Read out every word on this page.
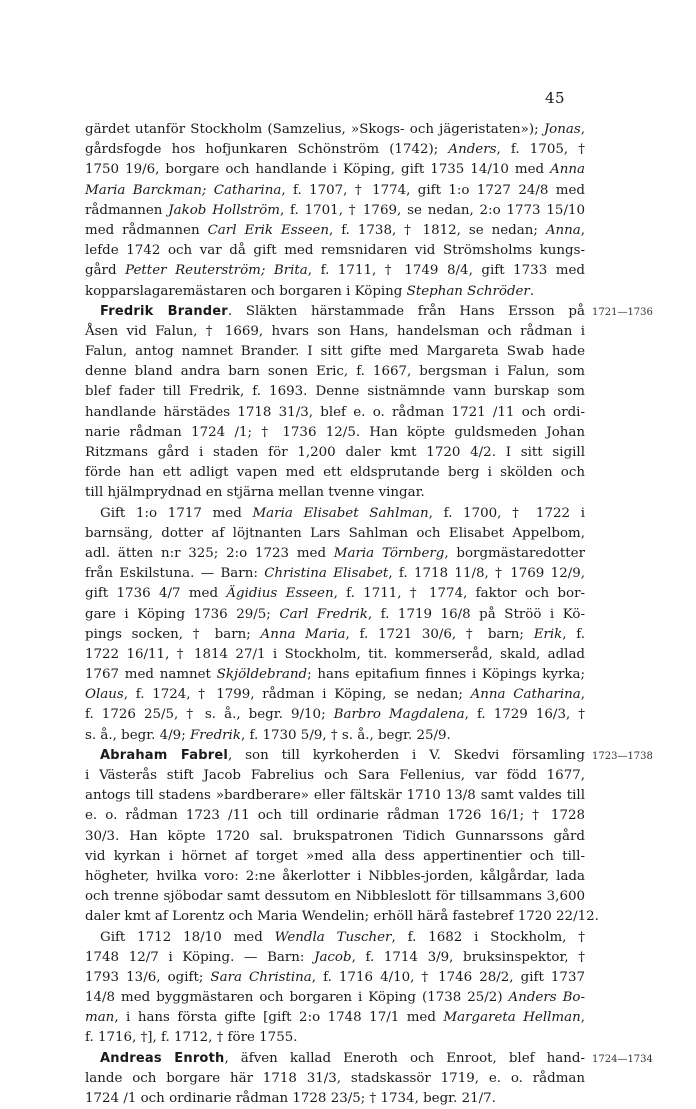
45
gärdet utanför Stockholm (Samzelius, »Skogs- och jägeristaten»); Jonas,
gårdsfogde hos hofjunkaren Schönström (1742); Anders, f. 1705, †
1750 19/6, borgare och handlande i Köping, gift 1735 14/10 med Anna
Maria Barckman; Catharina, f. 1707, † 1774, gift 1:o 1727 24/8 med
rådmannen Jakob Hollström, f. 1701, † 1769, se nedan, 2:o 1773 15/10
med rådmannen Carl Erik Esseen, f. 1738, † 1812, se nedan; Anna,
lefde 1742 och var då gift med remsnidaren vid Strömsholms kungs-
gård Petter Reuterström; Brita, f. 1711, † 1749 8/4, gift 1733 med
kopparslagaremästaren och borgaren i Köping Stephan Schröder.
Fredrik Brander. Släkten härstammade från Hans Ersson på
Åsen vid Falun, † 1669, hvars son Hans, handelsman och rådman i
Falun, antog namnet Brander. I sitt gifte med Margareta Swab hade
denne bland andra barn sonen Eric, f. 1667, bergsman i Falun, som
blef fader till Fredrik, f. 1693. Denne sistnämnde vann burskap som
handlande härstädes 1718 31/3, blef e. o. rådman 1721 /11 och ordi-
narie rådman 1724 /1; † 1736 12/5. Han köpte guldsmeden Johan
Ritzmans gård i staden för 1,200 daler kmt 1720 4/2. I sitt sigill
förde han ett adligt vapen med ett eldsprutande berg i skölden och
till hjälmprydnad en stjärna mellan tvenne vingar.
Gift 1:o 1717 med Maria Elisabet Sahlman, f. 1700, † 1722 i
barnsäng, dotter af löjtnanten Lars Sahlman och Elisabet Appelbom,
adl. ätten n:r 325; 2:o 1723 med Maria Törnberg, borgmästaredotter
från Eskilstuna. — Barn: Christina Elisabet, f. 1718 11/8, † 1769 12/9,
gift 1736 4/7 med Ägidius Esseen, f. 1711, † 1774, faktor och bor-
gare i Köping 1736 29/5; Carl Fredrik, f. 1719 16/8 på Ströö i Kö-
pings socken, † barn; Anna Maria, f. 1721 30/6, † barn; Erik, f.
1722 16/11, † 1814 27/1 i Stockholm, tit. kommerseråd, skald, adlad
1767 med namnet Skjöldebrand; hans epitafium finnes i Köpings kyrka;
Olaus, f. 1724, † 1799, rådman i Köping, se nedan; Anna Catharina,
f. 1726 25/5, † s. å., begr. 9/10; Barbro Magdalena, f. 1729 16/3, †
s. å., begr. 4/9; Fredrik, f. 1730 5/9, † s. å., begr. 25/9.
Abraham Fabrel, son till kyrkoherden i V. Skedvi församling
i Västerås stift Jacob Fabrelius och Sara Fellenius, var född 1677,
antogs till stadens »bardberare» eller fältskär 1710 13/8 samt valdes till
e. o. rådman 1723 /11 och till ordinarie rådman 1726 16/1; † 1728
30/3. Han köpte 1720 sal. brukspatronen Tidich Gunnarssons gård
vid kyrkan i hörnet af torget »med alla dess appertinentier och till-
högheter, hvilka voro: 2:ne åkerlotter i Nibbles-jorden, kålgårdar, lada
och trenne sjöbodar samt dessutom en Nibbleslott för tillsammans 3,600
daler kmt af Lorentz och Maria Wendelin; erhöll härå fastebref 1720 22/12.
Gift 1712 18/10 med Wendla Tuscher, f. 1682 i Stockholm, †
1748 12/7 i Köping. — Barn: Jacob, f. 1714 3/9, bruksinspektor, †
1793 13/6, ogift; Sara Christina, f. 1716 4/10, † 1746 28/2, gift 1737
14/8 med byggmästaren och borgaren i Köping (1738 25/2) Anders Bo-
man, i hans första gifte [gift 2:o 1748 17/1 med Margareta Hellman,
f. 1716, †], f. 1712, † före 1755.
Andreas Enroth, äfven kallad Eneroth och Enroot, blef hand-
lande och borgare här 1718 31/3, stadskassör 1719, e. o. rådman
1724 /1 och ordinarie rådman 1728 23/5; † 1734, begr. 21/7.
1721—1736
1723—1738
1724—1734
